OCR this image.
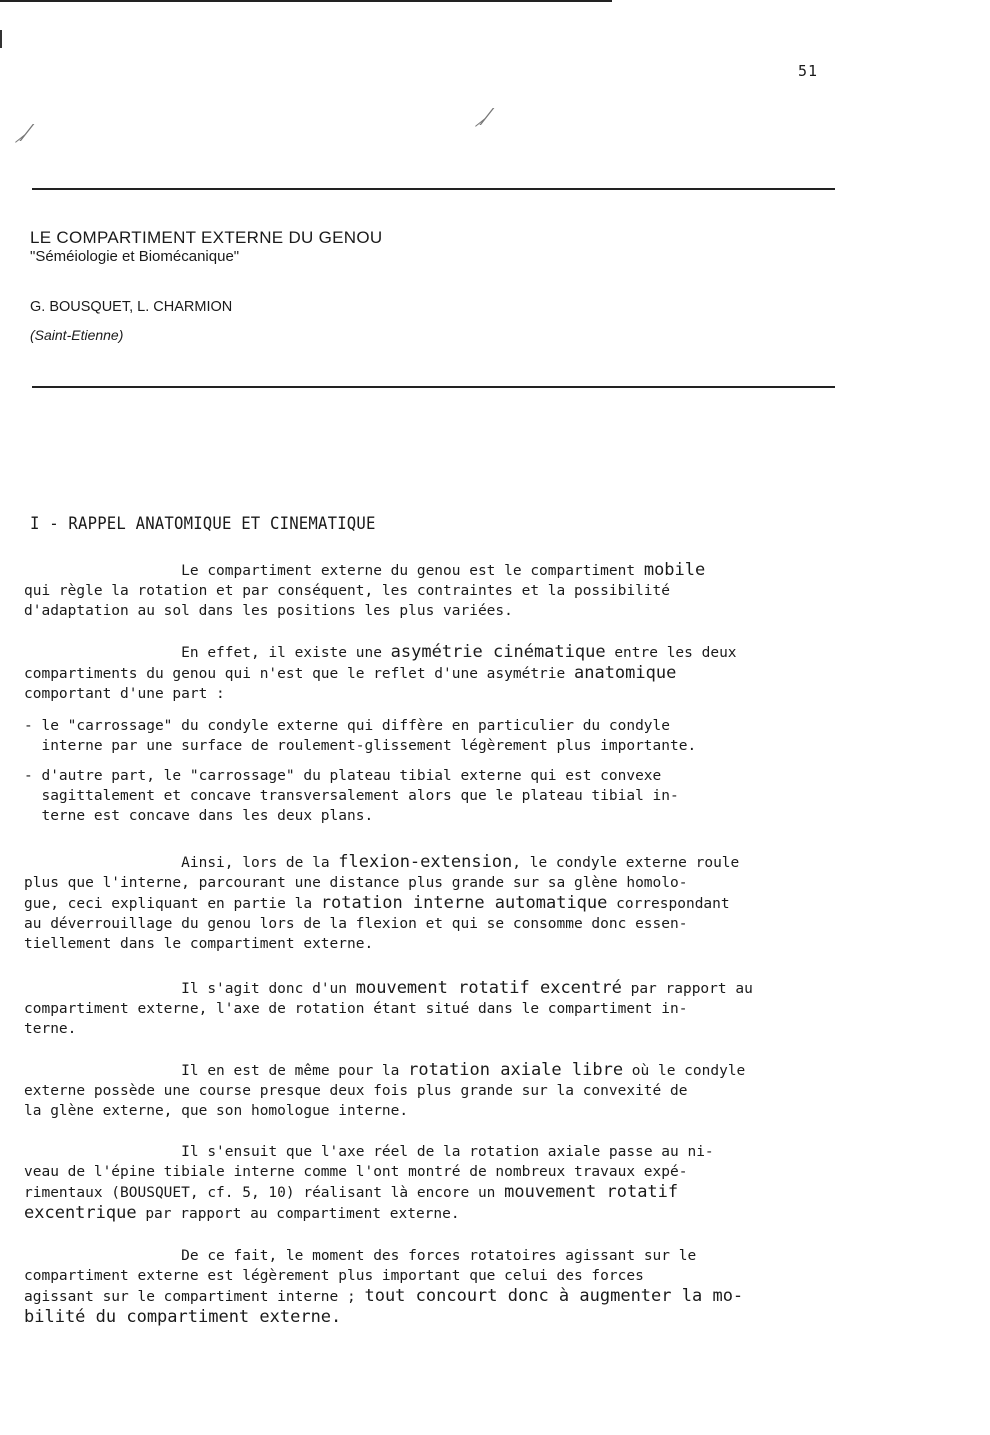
51
⸝⁄
⸝⁄
LE COMPARTIMENT EXTERNE DU GENOU
"Séméiologie et Biomécanique"
G. BOUSQUET, L. CHARMION
(Saint-Etienne)
I - RAPPEL ANATOMIQUE ET CINEMATIQUE
Le compartiment externe du genou est le compartiment mobile
qui règle la rotation et par conséquent, les contraintes et la possibilité
d'adaptation au sol dans les positions les plus variées.
En effet, il existe une asymétrie cinématique entre les deux
compartiments du genou qui n'est que le reflet d'une asymétrie anatomique
comportant d'une part :
- le "carrossage" du condyle externe qui diffère en particulier du condyle
interne par une surface de roulement-glissement légèrement plus importante.
- d'autre part, le "carrossage" du plateau tibial externe qui est convexe
sagittalement et concave transversalement alors que le plateau tibial in-
terne est concave dans les deux plans.
Ainsi, lors de la flexion-extension, le condyle externe roule
plus que l'interne, parcourant une distance plus grande sur sa glène homolo-
gue, ceci expliquant en partie la rotation interne automatique correspondant
au déverrouillage du genou lors de la flexion et qui se consomme donc essen-
tiellement dans le compartiment externe.
Il s'agit donc d'un mouvement rotatif excentré par rapport au
compartiment externe, l'axe de rotation étant situé dans le compartiment in-
terne.
Il en est de même pour la rotation axiale libre où le condyle
externe possède une course presque deux fois plus grande sur la convexité de
la glène externe, que son homologue interne.
Il s'ensuit que l'axe réel de la rotation axiale passe au ni-
veau de l'épine tibiale interne comme l'ont montré de nombreux travaux expé-
rimentaux (BOUSQUET, cf. 5, 10) réalisant là encore un mouvement rotatif
excentrique par rapport au compartiment externe.
De ce fait, le moment des forces rotatoires agissant sur le
compartiment externe est légèrement plus important que celui des forces
agissant sur le compartiment interne ; tout concourt donc à augmenter la mo-
bilité du compartiment externe.
